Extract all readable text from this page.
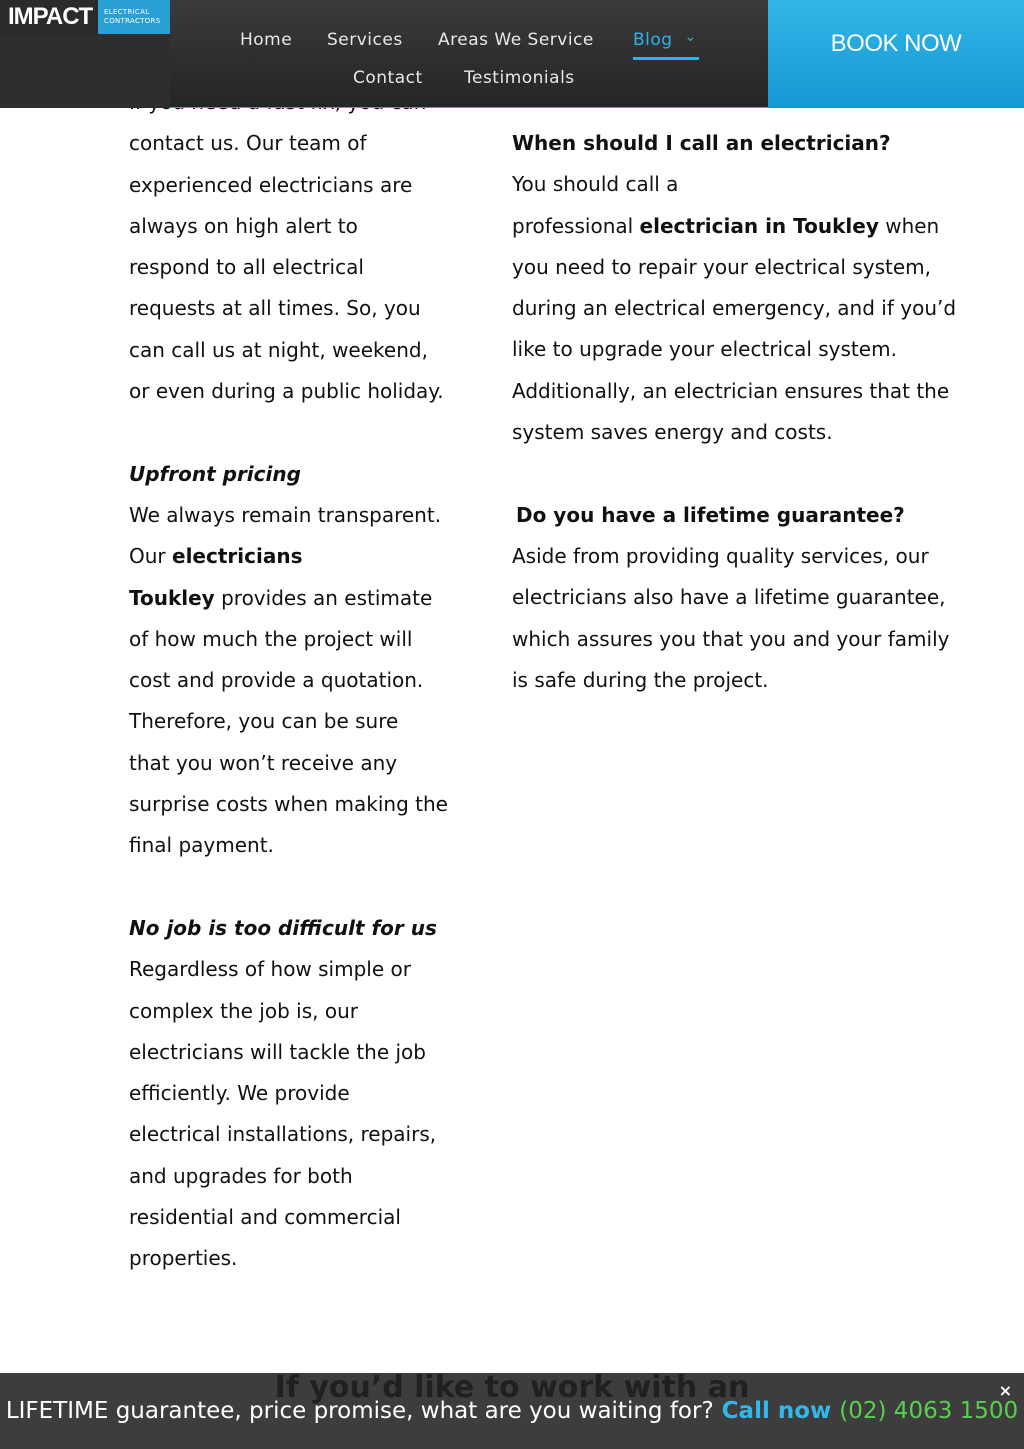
contact us. Our team of

experienced electricians are

always on high alert to

respond to all electrical

requests at all times. So, you

can call us at night, weekend,

or even during a public holiday.

Upfront pricing

We always remain transparent.

Our electricians

Toukley provides an estimate

of how much the project will

cost and provide a quotation.

Therefore, you can be sure

that you won’t receive any

surprise costs when making the

final payment.

No job is too difficult for us

Regardless of how simple or

complex the job is, our

electricians will tackle the job

efficiently. We provide

electrical installations, repairs,

and upgrades for both

residential and commercial

properties.

When should I call an electrician?

You should call a

professional electrician in Toukley when

you need to repair your electrical system,

during an electrical emergency, and if you’d

like to upgrade your electrical system.

Additionally, an electrician ensures that the

system saves energy and costs.

Do you have a lifetime guarantee?

Aside from providing quality services, our

electricians also have a lifetime guarantee,

which assures you that you and your family

is safe during the project.

IMPACT	ELECTRICAL
CONTRACTORS
Home Services Areas We Service Blog ⌄
Contact Testimonials
BOOK NOW
LIFETIME guarantee, price promise, what are you waiting for? Call now (02) 4063 1500
×
